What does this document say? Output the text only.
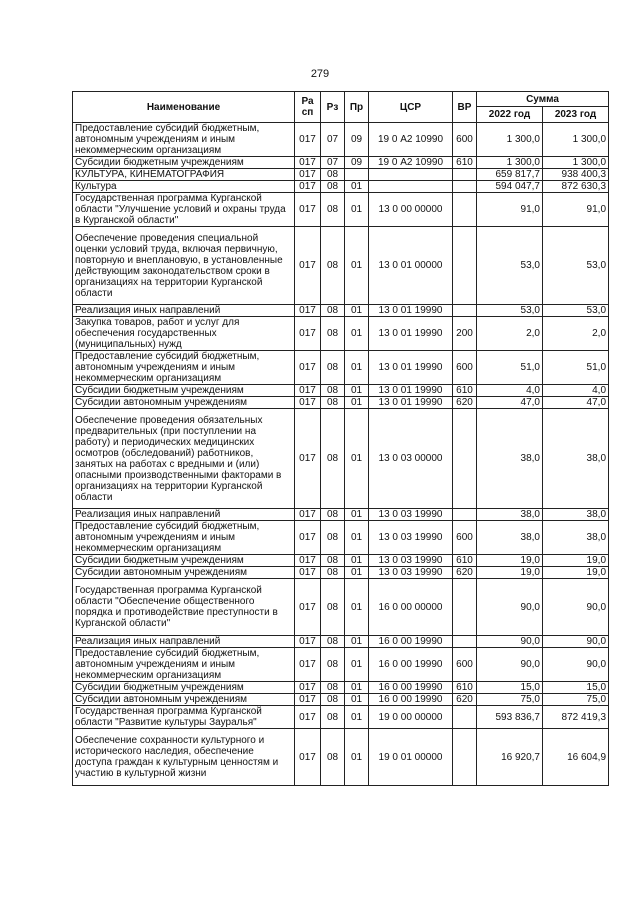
279
Наименование	Ра сп	Рз	Пр	ЦСР	ВР	Сумма	
						2022 год	2023 год
Предоставление субсидий бюджетным, автономным учреждениям и иным некоммерческим организациям	017	07	09	19 0 А2 10990	600	1 300,0	1 300,0
Субсидии бюджетным учреждениям	017	07	09	19 0 А2 10990	610	1 300,0	1 300,0
КУЛЬТУРА, КИНЕМАТОГРАФИЯ	017	08				659 817,7	938 400,3
Культура	017	08	01			594 047,7	872 630,3
Государственная программа Курганской области "Улучшение условий и охраны труда в Курганской области"	017	08	01	13 0 00 00000		91,0	91,0
Обеспечение проведения специальной оценки условий труда, включая первичную, повторную и внеплановую, в установленные действующим законодательством сроки в организациях на территории Курганской области	017	08	01	13 0 01 00000		53,0	53,0
Реализация иных направлений	017	08	01	13 0 01 19990		53,0	53,0
Закупка товаров, работ и услуг для обеспечения государственных (муниципальных) нужд	017	08	01	13 0 01 19990	200	2,0	2,0
Предоставление субсидий бюджетным, автономным учреждениям и иным некоммерческим организациям	017	08	01	13 0 01 19990	600	51,0	51,0
Субсидии бюджетным учреждениям	017	08	01	13 0 01 19990	610	4,0	4,0
Субсидии автономным учреждениям	017	08	01	13 0 01 19990	620	47,0	47,0
Обеспечение проведения обязательных предварительных (при поступлении на работу) и периодических медицинских осмотров (обследований) работников, занятых на работах с вредными и (или) опасными производственными факторами в организациях на территории Курганской области	017	08	01	13 0 03 00000		38,0	38,0
Реализация иных направлений	017	08	01	13 0 03 19990		38,0	38,0
Предоставление субсидий бюджетным, автономным учреждениям и иным некоммерческим организациям	017	08	01	13 0 03 19990	600	38,0	38,0
Субсидии бюджетным учреждениям	017	08	01	13 0 03 19990	610	19,0	19,0
Субсидии автономным учреждениям	017	08	01	13 0 03 19990	620	19,0	19,0
Государственная программа Курганской области "Обеспечение общественного порядка и противодействие преступности в Курганской области"	017	08	01	16 0 00 00000		90,0	90,0
Реализация иных направлений	017	08	01	16 0 00 19990		90,0	90,0
Предоставление субсидий бюджетным, автономным учреждениям и иным некоммерческим организациям	017	08	01	16 0 00 19990	600	90,0	90,0
Субсидии бюджетным учреждениям	017	08	01	16 0 00 19990	610	15,0	15,0
Субсидии автономным учреждениям	017	08	01	16 0 00 19990	620	75,0	75,0
Государственная программа Курганской области "Развитие культуры Зауралья"	017	08	01	19 0 00 00000		593 836,7	872 419,3
Обеспечение сохранности культурного и исторического наследия, обеспечение доступа граждан к культурным ценностям и участию в культурной жизни	017	08	01	19 0 01 00000		16 920,7	16 604,9
